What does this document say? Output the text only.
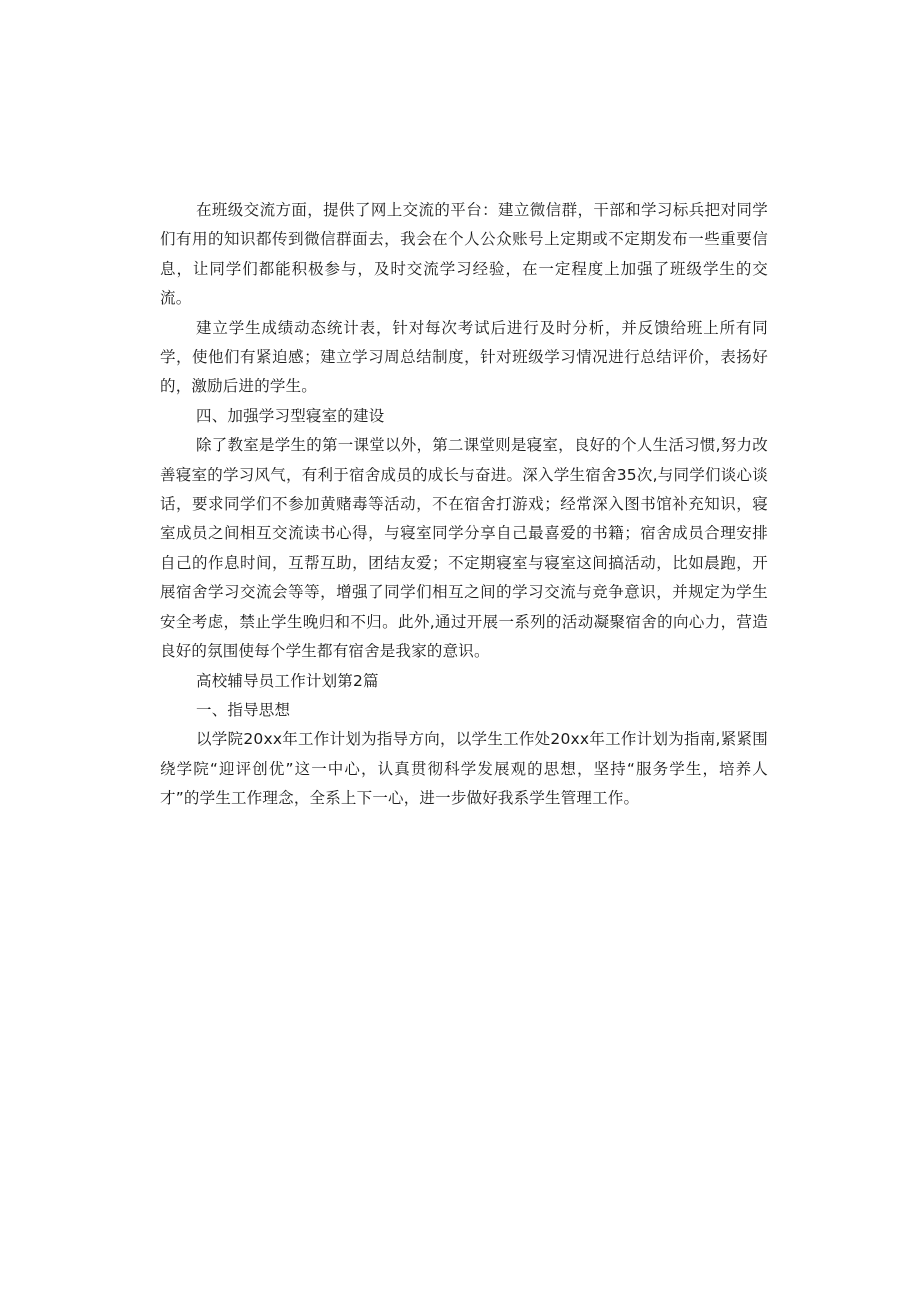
在班级交流方面，提供了网上交流的平台：建立微信群，干部和学习标兵把对同学们有用的知识都传到微信群面去，我会在个人公众账号上定期或不定期发布一些重要信息，让同学们都能积极参与，及时交流学习经验，在一定程度上加强了班级学生的交流。

建立学生成绩动态统计表，针对每次考试后进行及时分析，并反馈给班上所有同学，使他们有紧迫感；建立学习周总结制度，针对班级学习情况进行总结评价，表扬好的，激励后进的学生。

四、加强学习型寝室的建设

除了教室是学生的第一课堂以外，第二课堂则是寝室，良好的个人生活习惯,努力改善寝室的学习风气，有利于宿舍成员的成长与奋进。深入学生宿舍35次,与同学们谈心谈话，要求同学们不参加黄赌毒等活动，不在宿舍打游戏；经常深入图书馆补充知识，寝室成员之间相互交流读书心得，与寝室同学分享自己最喜爱的书籍；宿舍成员合理安排自己的作息时间，互帮互助，团结友爱；不定期寝室与寝室这间搞活动，比如晨跑，开展宿舍学习交流会等等，增强了同学们相互之间的学习交流与竞争意识，并规定为学生安全考虑，禁止学生晚归和不归。此外,通过开展一系列的活动凝聚宿舍的向心力，营造良好的氛围使每个学生都有宿舍是我家的意识。

高校辅导员工作计划第2篇

一、指导思想

以学院20xx年工作计划为指导方向，以学生工作处20xx年工作计划为指南,紧紧围绕学院“迎评创优”这一中心，认真贯彻科学发展观的思想，坚持“服务学生，培养人才”的学生工作理念，全系上下一心，进一步做好我系学生管理工作。
